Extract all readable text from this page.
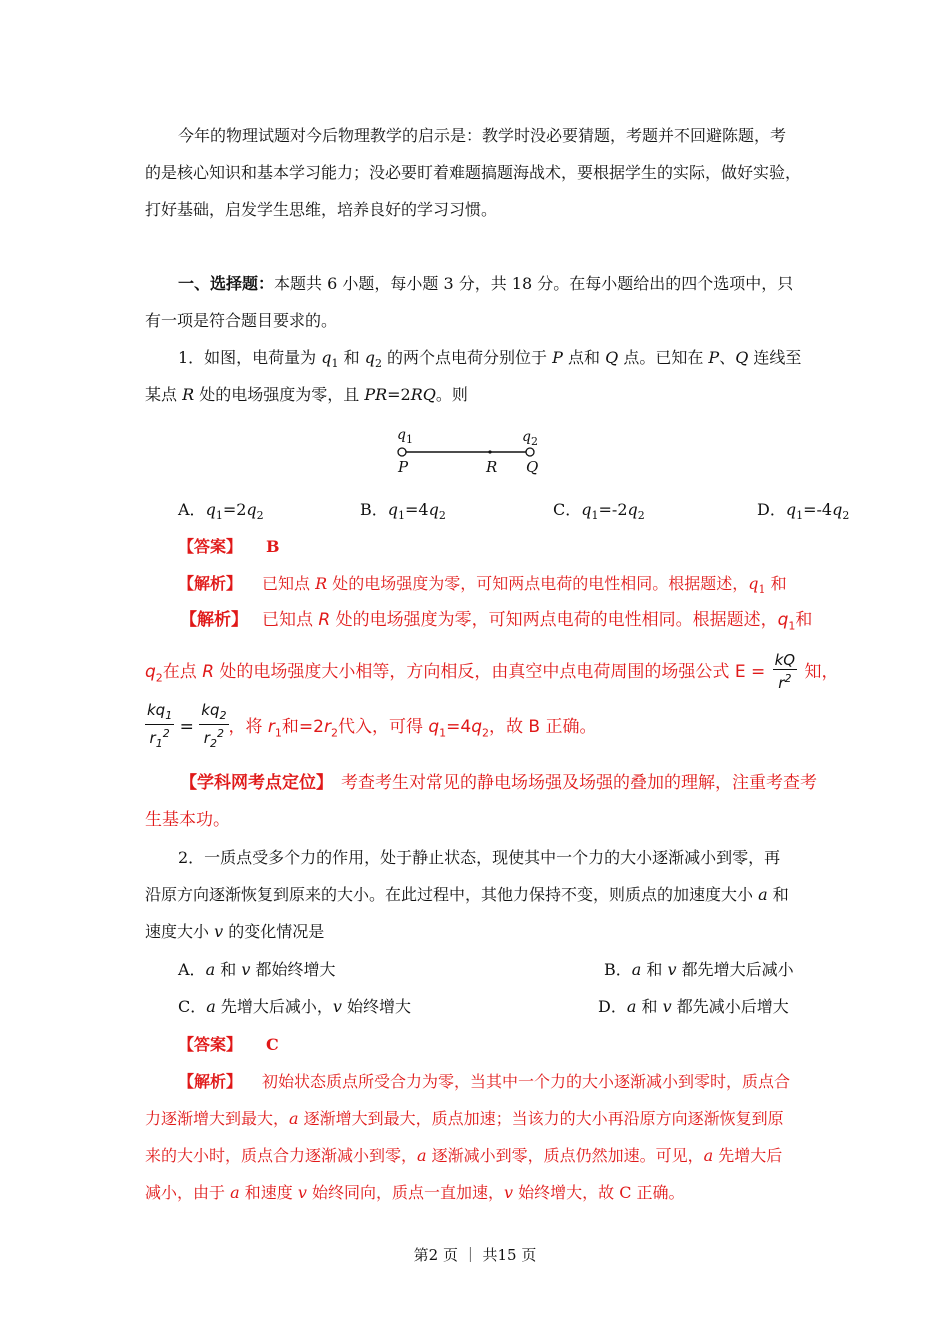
今年的物理试题对今后物理教学的启示是：教学时没必要猜题，考题并不回避陈题，考
的是核心知识和基本学习能力；没必要盯着难题搞题海战术，要根据学生的实际，做好实验，
打好基础，启发学生思维，培养良好的学习习惯。
一、选择题：本题共 6 小题，每小题 3 分，共 18 分。在每小题给出的四个选项中，只
有一项是符合题目要求的。
1．如图，电荷量为 $q_1$ 和 $q_2$ 的两个点电荷分别位于 P 点和 Q 点。已知在 P、Q 连线至
某点 R 处的电场强度为零，且 PR=2RQ。则
$q_1$	$q_2$
P	R Q
A．$q_1=2q_2$	B．$q_1=4q_2$	C．$q_1=-2q_2$	D．$q_1=-4q_2$
【答案】 B
【解析】 已知点 R 处的电场强度为零，可知两点电荷的电性相同。根据题述，$q_1$ 和
【解析】 已知点 R 处的电场强度为零，可知两点电荷的电性相同。根据题述，$q_1$和
$q_2$在点 R 处的电场强度大小相等，方向相反，由真空中点电荷周围的场强公式 $E = \frac{kQ}{r^2}$ 知，
$\frac{kq_1}{r_1^2} = \frac{kq_2}{r_2^2}$ ，将 $r_1$和$=2r_2$代入，可得 $q_1=4q_2$，故 B 正确。
【学科网考点定位】 考查考生对常见的静电场场强及场强的叠加的理解，注重考查考
生基本功。
2．一质点受多个力的作用，处于静止状态，现使其中一个力的大小逐渐减小到零，再
沿原方向逐渐恢复到原来的大小。在此过程中，其他力保持不变，则质点的加速度大小 a 和
速度大小 v 的变化情况是
A．a 和 v 都始终增大	B．a 和 v 都先增大后减小
C．a 先增大后减小，v 始终增大	D．a 和 v 都先减小后增大
【答案】 C
【解析】 初始状态质点所受合力为零，当其中一个力的大小逐渐减小到零时，质点合
力逐渐增大到最大，a 逐渐增大到最大，质点加速；当该力的大小再沿原方向逐渐恢复到原
来的大小时，质点合力逐渐减小到零，a 逐渐减小到零，质点仍然加速。可见，a 先增大后
减小，由于 a 和速度 v 始终同向，质点一直加速，v 始终增大，故 C 正确。
第2 页 ｜ 共15 页
